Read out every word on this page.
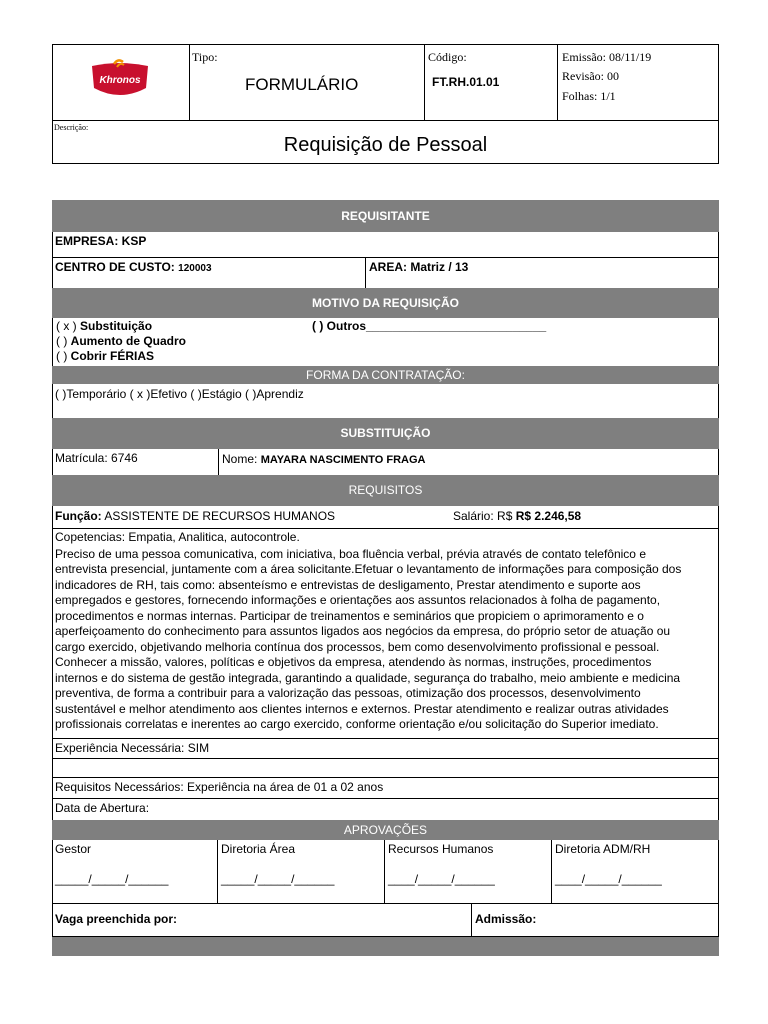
Khronos
Tipo:
FORMULÁRIO
Código:
FT.RH.01.01
Emissão: 08/11/19
Revisão: 00
Folhas: 1/1
Descrição:
Requisição de Pessoal
REQUISITANTE
EMPRESA: KSP
CENTRO DE CUSTO: 120003	AREA: Matriz / 13
MOTIVO DA REQUISIÇÃO
( x ) Substituição
( ) Aumento de Quadro
( ) Cobrir FÉRIAS
( ) Outros___________________________
FORMA DA CONTRATAÇÃO:
( )Temporário ( x )Efetivo ( )Estágio ( )Aprendiz
SUBSTITUIÇÃO
Matrícula: 6746	Nome: MAYARA NASCIMENTO FRAGA
REQUISITOS
Função: ASSISTENTE DE RECURSOS HUMANOS	Salário: R$ R$ 2.246,58
Copetencias: Empatia, Analitica, autocontrole.
Preciso de uma pessoa comunicativa, com iniciativa, boa fluência verbal, prévia através de contato telefônico e
entrevista presencial, juntamente com a área solicitante.Efetuar o levantamento de informações para composição dos
indicadores de RH, tais como: absenteísmo e entrevistas de desligamento, Prestar atendimento e suporte aos
empregados e gestores, fornecendo informações e orientações aos assuntos relacionados à folha de pagamento,
procedimentos e normas internas. Participar de treinamentos e seminários que propiciem o aprimoramento e o
aperfeiçoamento do conhecimento para assuntos ligados aos negócios da empresa, do próprio setor de atuação ou
cargo exercido, objetivando melhoria contínua dos processos, bem como desenvolvimento profissional e pessoal.
Conhecer a missão, valores, políticas e objetivos da empresa, atendendo às normas, instruções, procedimentos
internos e do sistema de gestão integrada, garantindo a qualidade, segurança do trabalho, meio ambiente e medicina
preventiva, de forma a contribuir para a valorização das pessoas, otimização dos processos, desenvolvimento
sustentável e melhor atendimento aos clientes internos e externos. Prestar atendimento e realizar outras atividades
profissionais correlatas e inerentes ao cargo exercido, conforme orientação e/ou solicitação do Superior imediato.
Experiência Necessária: SIM
Requisitos Necessários: Experiência na área de 01 a 02 anos
Data de Abertura:
APROVAÇÕES
Gestor
_____/_____/______
Diretoria Área
_____/_____/______
Recursos Humanos
____/_____/______
Diretoria ADM/RH
____/_____/______
Vaga preenchida por:	Admissão:
